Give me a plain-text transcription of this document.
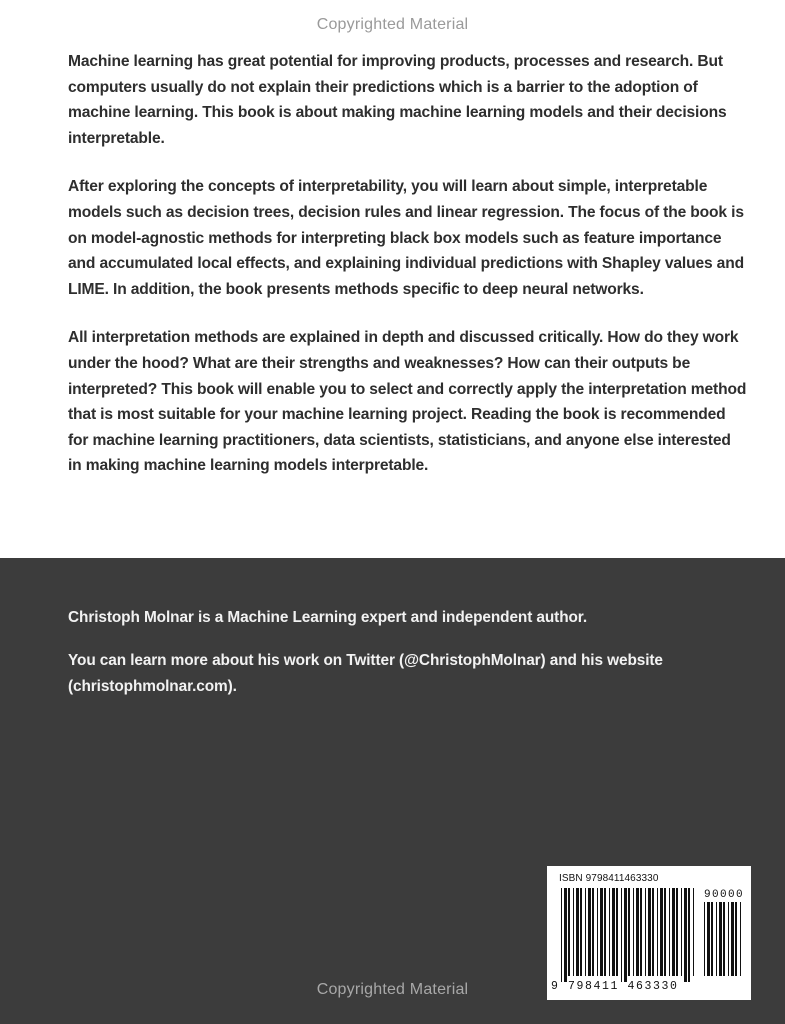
Copyrighted Material

Machine learning has great potential for improving products, processes and research. But computers usually do not explain their predictions which is a barrier to the adoption of machine learning. This book is about making machine learning models and their decisions interpretable.

After exploring the concepts of interpretability, you will learn about simple, interpretable models such as decision trees, decision rules and linear regression. The focus of the book is on model-agnostic methods for interpreting black box models such as feature importance and accumulated local effects, and explaining individual predictions with Shapley values and LIME. In addition, the book presents methods specific to deep neural networks.

All interpretation methods are explained in depth and discussed critically. How do they work under the hood? What are their strengths and weaknesses? How can their outputs be interpreted? This book will enable you to select and correctly apply the interpretation method that is most suitable for your machine learning project. Reading the book is recommended for machine learning practitioners, data scientists, statisticians, and anyone else interested in making machine learning models interpretable.

Christoph Molnar is a Machine Learning expert and independent author.

You can learn more about his work on Twitter (@ChristophMolnar) and his website (christophmolnar.com).

ISBN 9798411463330
9 798411 463330
90000
Copyrighted Material
